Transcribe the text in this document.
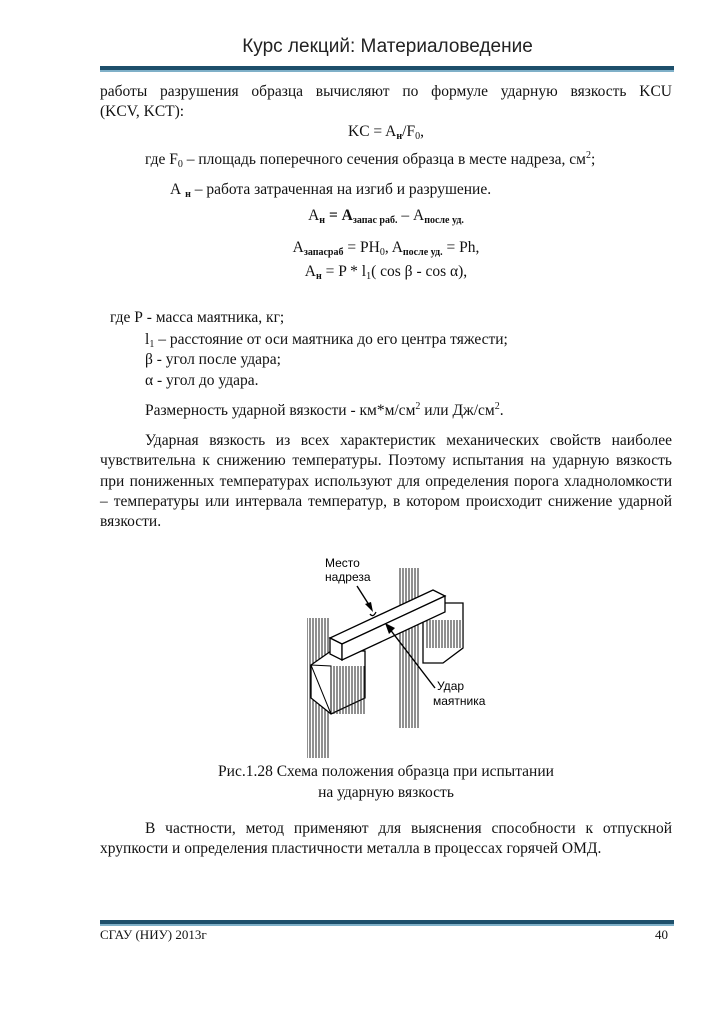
Курс лекций: Материаловедение
работы разрушения образца вычисляют по формуле ударную вязкость KCU
(KCV, KCT):
KC = $A_н/F_0$,
где $F_0$ – площадь поперечного сечения образца в месте надреза, $см^2$;
А $_н$ – работа затраченная на изгиб и разрушение.
$A_н = A_{запас раб.} - A_{после уд.}$
$A_{запасраб} = PH_0$, $A_{после уд.} = Ph$,
$A_н = P * l_1$( cos β - cos α),
где Р - масса маятника, кг;
$l_1$ – расстояние от оси маятника до его центра тяжести;
β - угол после удара;
α - угол до удара.
Размерность ударной вязкости - $км*м/см^2$ или $Дж/см^2$.
Ударная вязкость из всех характеристик механических свойств наиболее чувствительна к снижению температуры. Поэтому испытания на ударную вязкость при пониженных температурах используют для определения порога хладноломкости – температуры или интервала температур, в котором происходит снижение ударной вязкости.
Место
надреза
Удар
маятника
Рис.1.28 Схема положения образца при испытании
на ударную вязкость
В частности, метод применяют для выяснения способности к отпускной хрупкости и определения пластичности металла в процессах горячей ОМД.
СГАУ (НИУ) 2013г	40
